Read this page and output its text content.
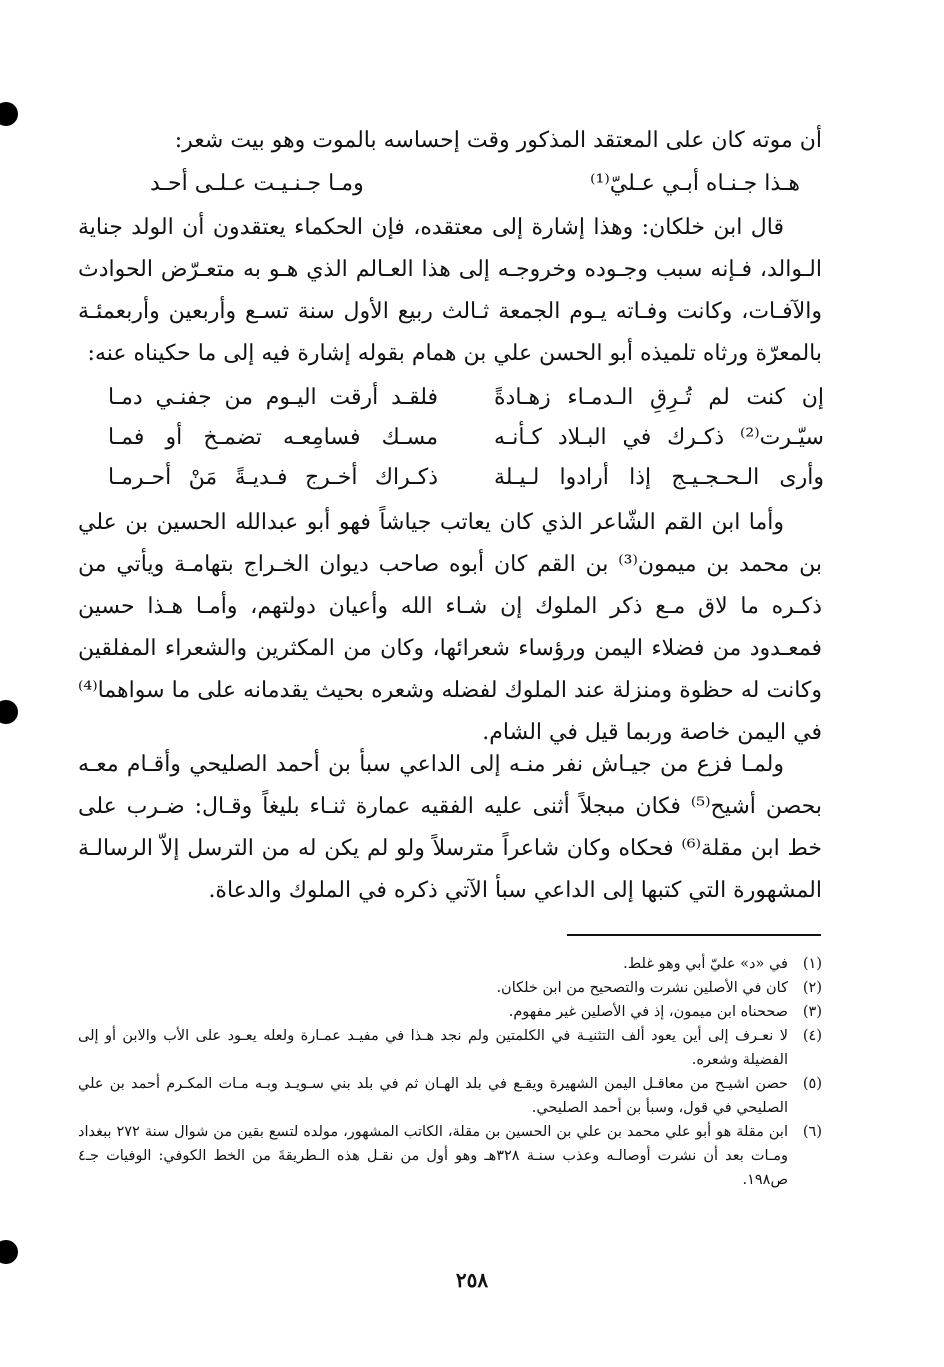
أن موته كان على المعتقد المذكور وقت إحساسه بالموت وهو بيت شعر:

هـذا جـنـاه أبـي عـليّ⁽¹⁾
ومـا جـنـيـت عـلـى أحـد

قال ابن خلكان: وهذا إشارة إلى معتقده، فإن الحكماء يعتقدون أن الولد جناية الـوالد، فـإنه سبب وجـوده وخروجـه إلى هذا العـالم الذي هـو به متعـرّض الحوادث والآفـات، وكانت وفـاته يـوم الجمعة ثـالث ربيع الأول سنة تسـع وأربعين وأربعمئـة بالمعرّة ورثاه تلميذه أبو الحسن علي بن همام بقوله إشارة فيه إلى ما حكيناه عنه:

إن كنت لم تُـرِقِ الـدمـاء زهـادةً
فلقـد أرقت اليـوم من جفنـي دمـا
سيّـرت⁽²⁾ ذكـرك في البـلاد كـأنـه
مسـك فسامِعـه تضمـخ أو فمـا
وأرى الـحـجـيـج إذا أرادوا لـيـلة
ذكـراك أخـرج فـديـةً مَنْ أحـرمـا

وأما ابن القم الشّاعر الذي كان يعاتب جياشاً فهو أبو عبدالله الحسين بن علي بن محمد بن ميمون⁽³⁾ بن القم كان أبوه صاحب ديوان الخـراج بتهامـة ويأتي من ذكـره ما لاق مـع ذكر الملوك إن شـاء الله وأعيان دولتهم، وأمـا هـذا حسين فمعـدود من فضلاء اليمن ورؤساء شعرائها، وكان من المكثرين والشعراء المفلقين وكانت له حظوة ومنزلة عند الملوك لفضله وشعره بحيث يقدمانه على ما سواهما⁽⁴⁾ في اليمن خاصة وربما قيل في الشام.

ولمـا فزع من جيـاش نفر منـه إلى الداعي سبأ بن أحمد الصليحي وأقـام معـه بحصن أشيح⁽⁵⁾ فكان مبجلاً أثنى عليه الفقيه عمارة ثنـاء بليغاً وقـال: ضـرب على خط ابن مقلة⁽⁶⁾ فحكاه وكان شاعراً مترسلاً ولو لم يكن له من الترسل إلاّ الرسالـة المشهورة التي كتبها إلى الداعي سبأ الآتي ذكره في الملوك والدعاة.

(١)
في «د» عليّ أبي وهو غلط.
(٢)
كان في الأصلين نشرت والتصحيح من ابن خلكان.
(٣)
صححناه ابن ميمون، إذ في الأصلين غير مفهوم.
(٤)
لا نعـرف إلى أين يعود ألف التثنيـة في الكلمتين ولم نجد هـذا في مفيـد عمـارة ولعله يعـود على الأب والابن أو إلى الفضيلة وشعره.
(٥)
حصن اشيـح من معاقـل اليمن الشهيرة ويقـع في بلد الهـان ثم في بلد بني سـويـد وبـه مـات المكـرم أحمد بن علي الصليحي في قول، وسبأ بن أحمد الصليحي.
(٦)
ابن مقلة هو أبو علي محمد بن علي بن الحسين بن مقلة، الكاتب المشهور، مولده لتسع بقين من شوال سنة ٢٧٢ ببغداد ومـات بعد أن نشرت أوصالـه وعذب سنـة ٣٢٨هـ وهو أول من نقـل هذه الـطريقةَ من الخط الكوفي: الوفيات جـ٤ ص١٩٨.
٢٥٨
